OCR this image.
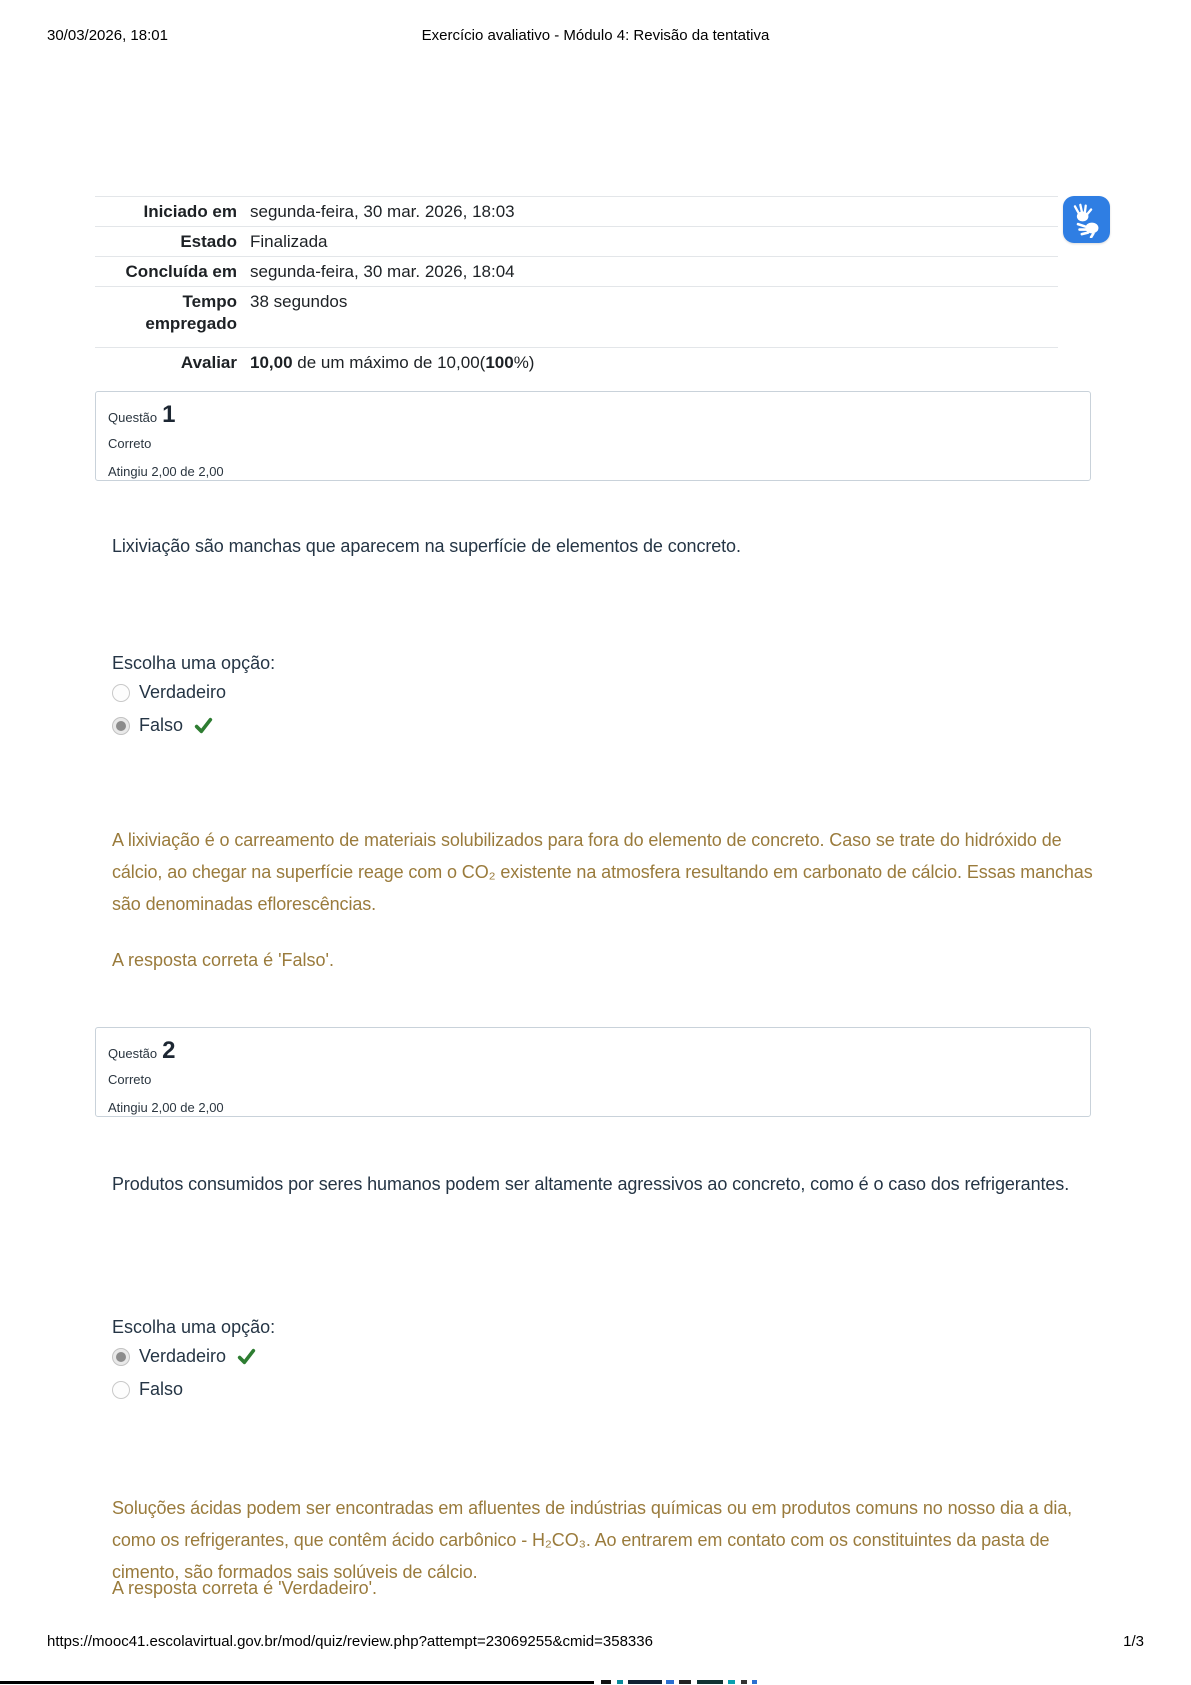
30/03/2026, 18:01	Exercício avaliativo - Módulo 4: Revisão da tentativa
Iniciado em segunda-feira, 30 mar. 2026, 18:03
Estado Finalizada
Concluída em segunda-feira, 30 mar. 2026, 18:04
Tempo empregado
38 segundos
Avaliar 10,00 de um máximo de 10,00(100%)
Questão 1
Correto
Atingiu 2,00 de 2,00
Lixiviação são manchas que aparecem na superfície de elementos de concreto.
Escolha uma opção:
Verdadeiro
Falso
A lixiviação é o carreamento de materiais solubilizados para fora do elemento de concreto. Caso se trate do hidróxido de cálcio, ao chegar na superfície reage com o CO₂ existente na atmosfera resultando em carbonato de cálcio. Essas manchas são denominadas eflorescências.
A resposta correta é 'Falso'.
Questão 2
Correto
Atingiu 2,00 de 2,00
Produtos consumidos por seres humanos podem ser altamente agressivos ao concreto, como é o caso dos refrigerantes.
Escolha uma opção:
Verdadeiro
Falso
Soluções ácidas podem ser encontradas em afluentes de indústrias químicas ou em produtos comuns no nosso dia a dia, como os refrigerantes, que contêm ácido carbônico - H₂CO₃. Ao entrarem em contato com os constituintes da pasta de cimento, são formados sais solúveis de cálcio.
A resposta correta é 'Verdadeiro'.
https://mooc41.escolavirtual.gov.br/mod/quiz/review.php?attempt=23069255&cmid=358336	1/3
